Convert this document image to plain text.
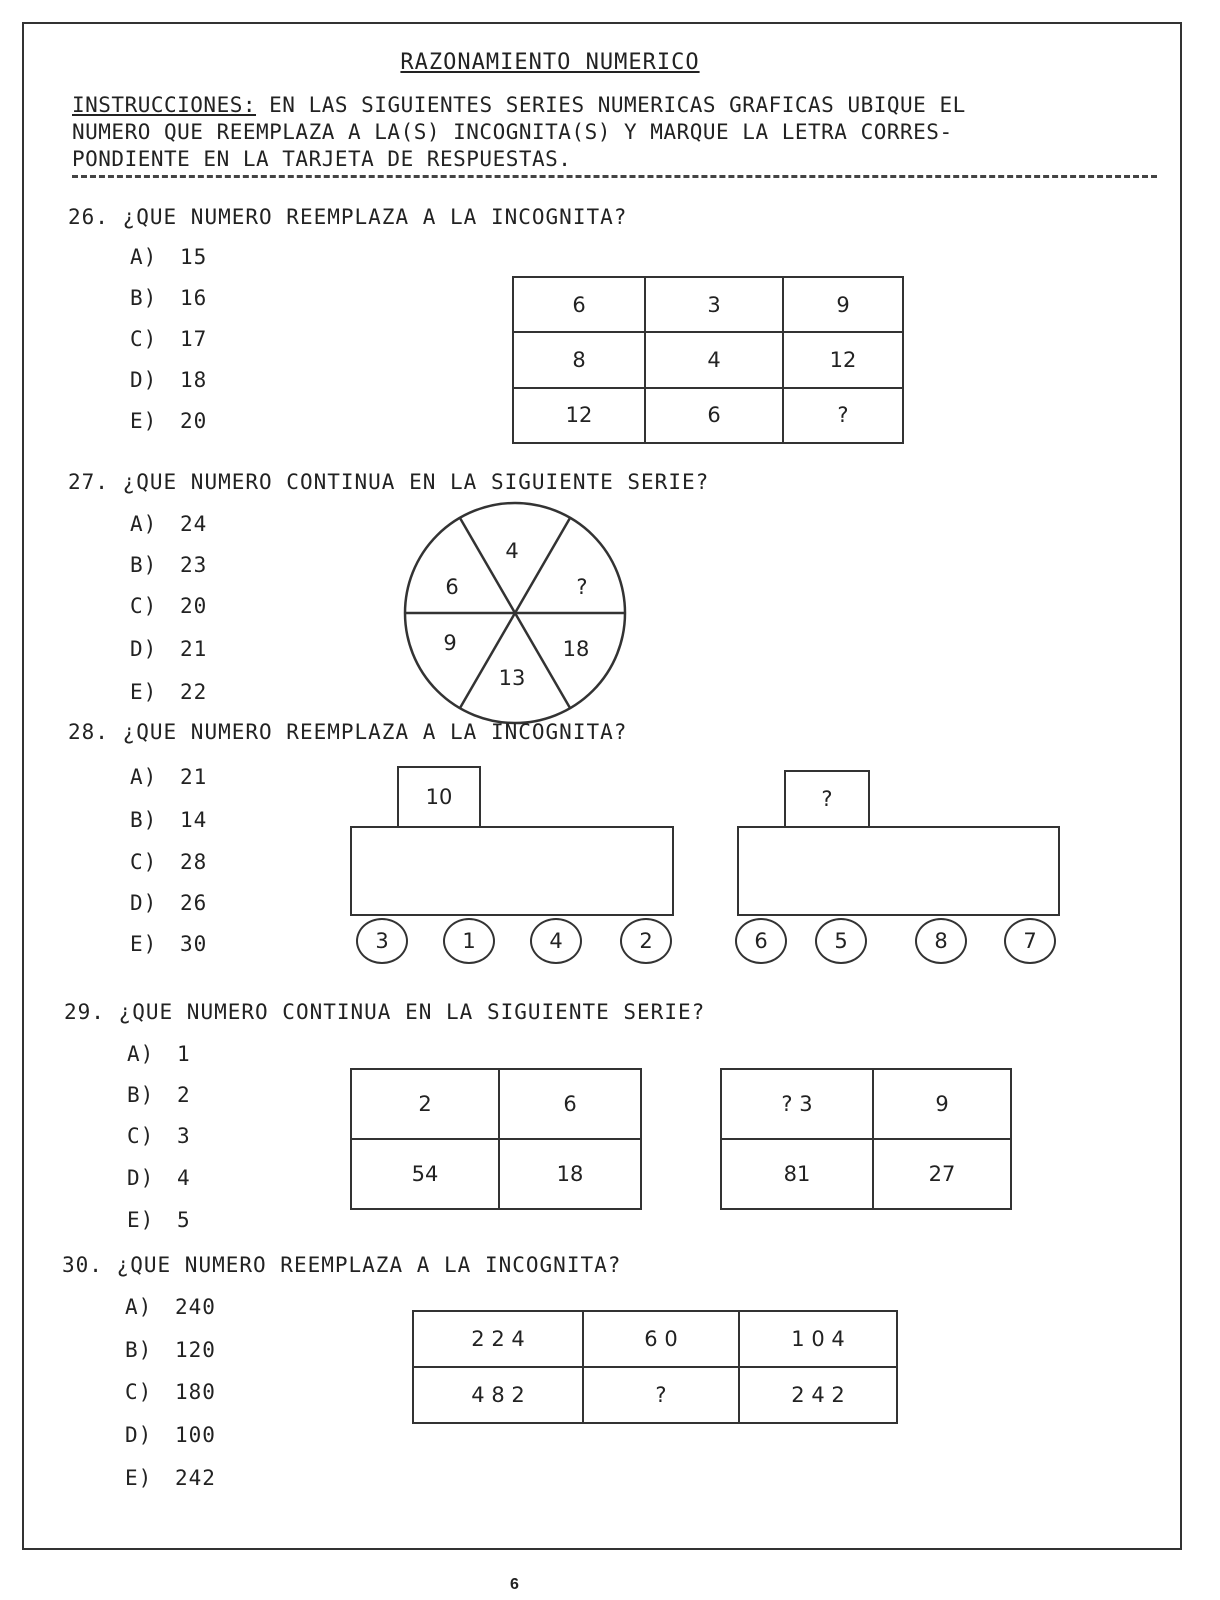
RAZONAMIENTO NUMERICO
INSTRUCCIONES: EN LAS SIGUIENTES SERIES NUMERICAS GRAFICAS UBIQUE EL
NUMERO QUE REEMPLAZA A LA(S) INCOGNITA(S) Y MARQUE LA LETRA CORRES-
PONDIENTE EN LA TARJETA DE RESPUESTAS.
26. ¿QUE NUMERO REEMPLAZA A LA INCOGNITA?
A) 15
B) 16
C) 17
D) 18
E) 20
6	3	9
8	4	12
12	6	?
27. ¿QUE NUMERO CONTINUA EN LA SIGUIENTE SERIE?
A) 24
B) 23
C) 20
D) 21
E) 22
4
?
18
13
9
6
28. ¿QUE NUMERO REEMPLAZA A LA INCOGNITA?
A) 21
B) 14
C) 28
D) 26
E) 30
10
3	1	4	2
?
6	5	8	7
29. ¿QUE NUMERO CONTINUA EN LA SIGUIENTE SERIE?
A) 1
B) 2
C) 3
D) 4
E) 5
2	6
54	18
? 3	9
81	27
30. ¿QUE NUMERO REEMPLAZA A LA INCOGNITA?
A) 240
B) 120
C) 180
D) 100
E) 242
2 2 4	6 0	1 0 4
4 8 2	?	2 4 2
6
